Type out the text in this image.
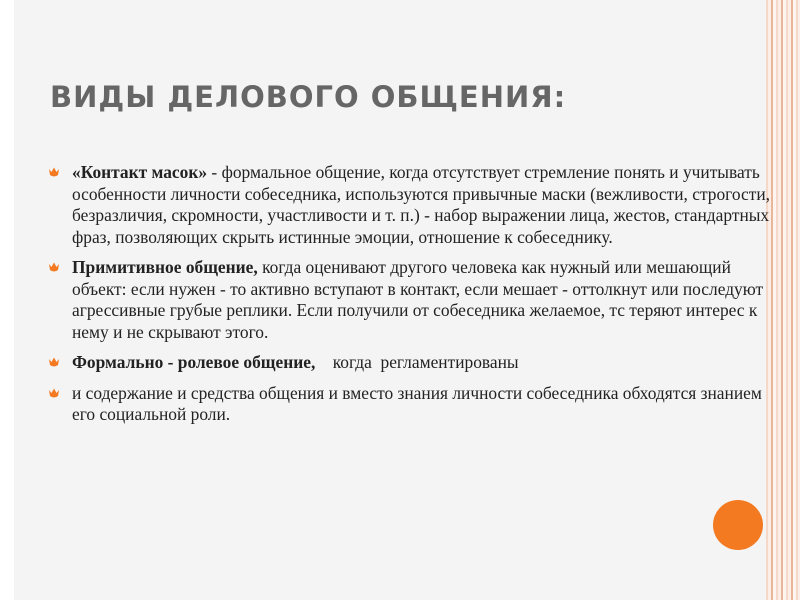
ВИДЫ ДЕЛОВОГО ОБЩЕНИЯ:
«Контакт масок» - формальное общение, когда отсутствует стремление понять и учитывать особенности личности собеседника, используются привычные маски (вежливости, строгости, безразличия, скромности, участливости и т. п.) - набор выражении лица, жестов, стандартных фраз, позволяющих скрыть истинные эмоции, отношение к собеседнику.
Примитивное общение, когда оценивают другого человека как нужный или мешающий объект: если нужен - то активно вступают в контакт, если мешает - оттолкнут или последуют агрессивные грубые реплики. Если получили от собеседника желаемое, тс теряют интерес к нему и не скрывают этого.
Формально - ролевое общение,    когда  регламентированы
и содержание и средства общения и вместо знания личности собеседника обходятся знанием его социальной роли.
